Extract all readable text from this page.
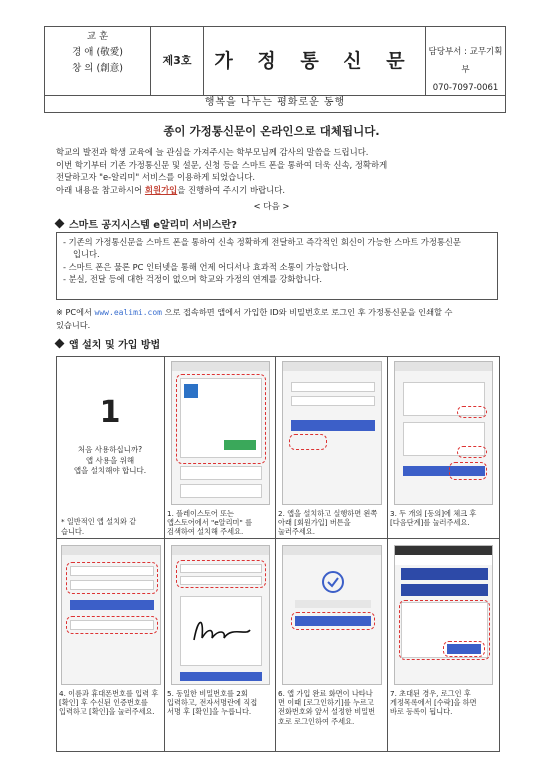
교 훈
경 애 (敬愛)
창 의 (創意)
제3호	가 정 통 신 문	담당부서 : 교무기획부
070-7097-0061
행복을 나누는 평화로운 동행
종이 가정통신문이 온라인으로 대체됩니다.

학교의 발전과 학생 교육에 늘 관심을 가져주시는 학부모님께 감사의 말씀을 드립니다.

이번 학기부터 기존 가정통신문 및 설문, 신청 등을 스마트 폰을 통하여 더욱 신속, 정확하게

전달하고자 "e-알리미" 서비스를 이용하게 되었습니다.

아래 내용을 참고하시어 회원가입을 진행하여 주시기 바랍니다.

< 다음 >
스마트 공지시스템 e알리미 서비스란?

- 기존의 가정통신문을 스마트 폰을 통하여 신속 정확하게 전달하고 즉각적인 회신이 가능한 스마트 가정통신문

입니다.

- 스마트 폰은 물론 PC 인터넷을 통해 언제 어디서나 효과적 소통이 가능합니다.

- 분실, 전달 등에 대한 걱정이 없으며 학교와 가정의 연계를 강화합니다.

※ PC에서 www.ealimi.com 으로 접속하면 앱에서 가입한 ID와 비밀번호로 로그인 후 가정통신문을 인쇄할 수
있습니다.
앱 설치 및 가입 방법
1
처음 사용하십니까?
앱 사용을 위해
앱을 설치해야 합니다.
* 일반적인 앱 설치와 같
습니다.
1. 플레이스토어 또는
앱스토어에서 "e알리미" 를
검색하여 설치해 주세요.
2. 앱을 설치하고 실행하면 왼쪽
아래 [회원가입] 버튼을
눌러주세요.
3. 두 개의 [동의]에 체크 후
[다음단계]를 눌러주세요.
4. 이름과 휴대폰번호를 입력 후
[확인] 후 수신된 인증번호를
입력하고 [확인]을 눌러주세요.
5. 동일한 비밀번호를 2회
입력하고, 전자서명란에 직접
서명 후 [확인]을 누릅니다.
6. 앱 가입 완료 화면이 나타나
면 이때 [로그인하기]를 누르고
전화번호와 앞서 설정한 비밀번
호로 로그인하여 주세요.
7. 초대된 경우, 로그인 후
게정목록에서 [수락]을 하면
바로 등록이 됩니다.
